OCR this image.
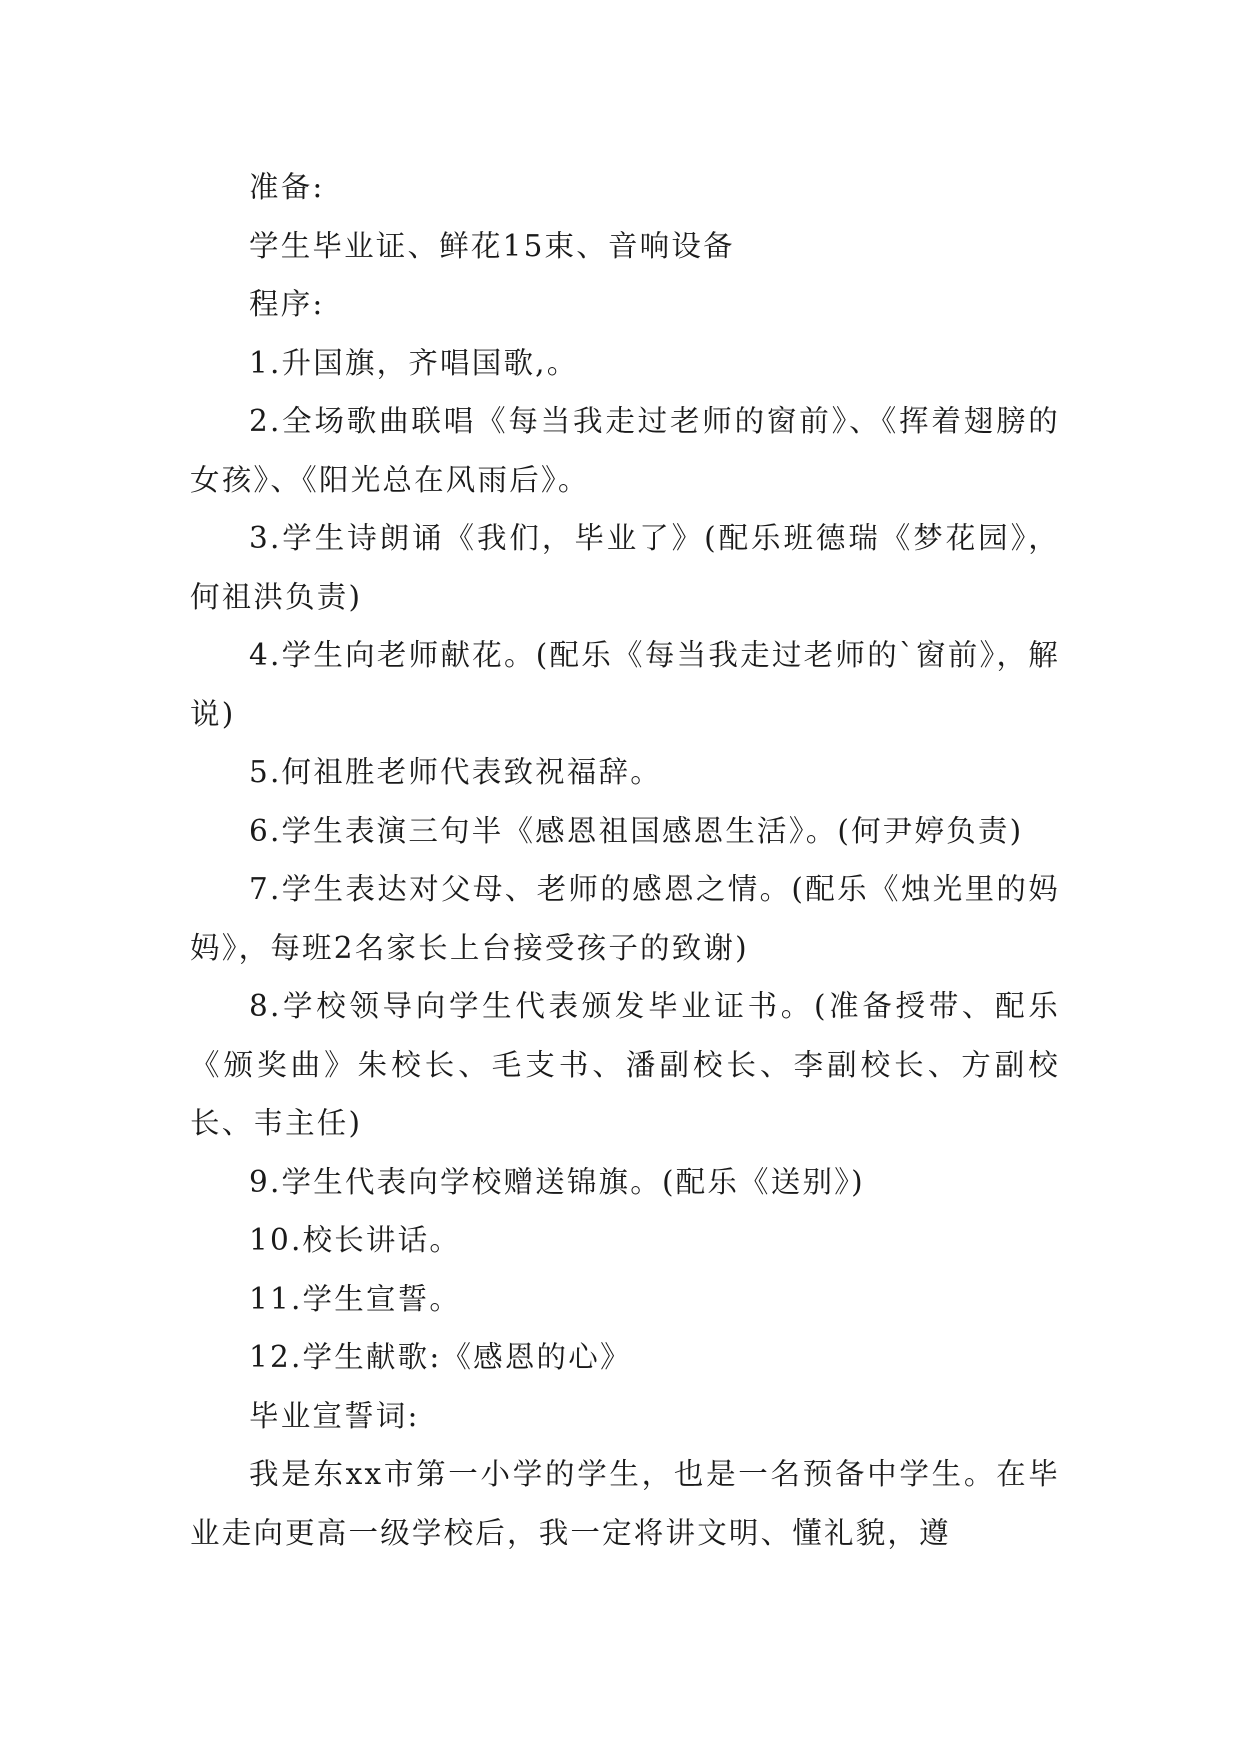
准备:

学生毕业证、鲜花15束、音响设备

程序:

1.升国旗，齐唱国歌,。

2.全场歌曲联唱《每当我走过老师的窗前》、《挥着翅膀的女孩》、《阳光总在风雨后》。

3.学生诗朗诵《我们，毕业了》(配乐班德瑞《梦花园》，何祖洪负责)

4.学生向老师献花。(配乐《每当我走过老师的`窗前》，解说)

5.何祖胜老师代表致祝福辞。

6.学生表演三句半《感恩祖国感恩生活》。(何尹婷负责)

7.学生表达对父母、老师的感恩之情。(配乐《烛光里的妈妈》，每班2名家长上台接受孩子的致谢)

8.学校领导向学生代表颁发毕业证书。(准备授带、配乐《颁奖曲》朱校长、毛支书、潘副校长、李副校长、方副校长、韦主任)

9.学生代表向学校赠送锦旗。(配乐《送别》)

10.校长讲话。

11.学生宣誓。

12.学生献歌:《感恩的心》

毕业宣誓词:

我是东xx市第一小学的学生，也是一名预备中学生。在毕业走向更高一级学校后，我一定将讲文明、懂礼貌，遵
